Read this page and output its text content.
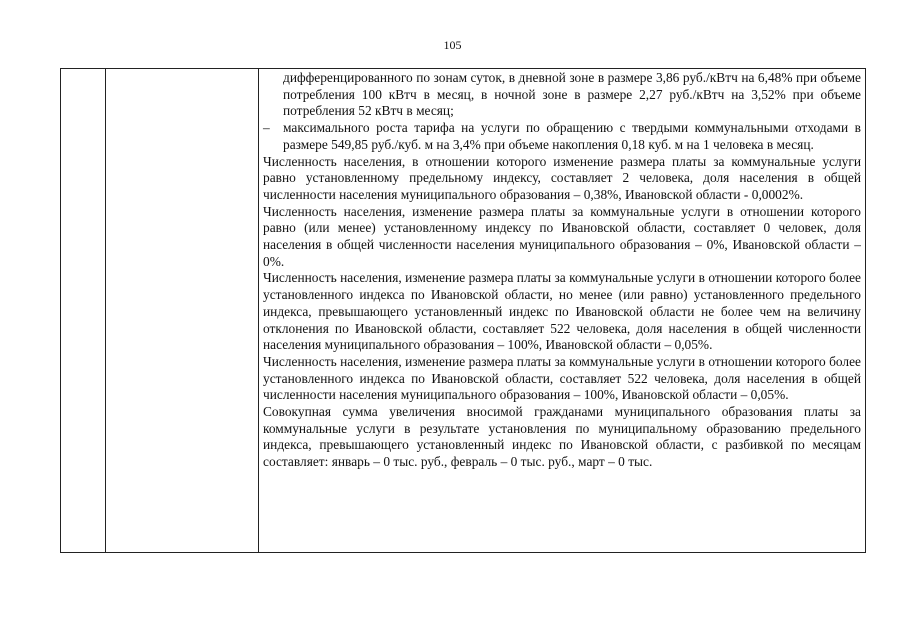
105

дифференцированного по зонам суток, в дневной зоне в размере 3,86 руб./кВтч на 6,48% при объеме потребления 100 кВтч в месяц, в ночной зоне в размере 2,27 руб./кВтч на 3,52% при объеме потребления 52 кВтч в месяц;

– максимального роста тарифа на услуги по обращению с твердыми коммунальными отходами в размере 549,85 руб./куб. м на 3,4% при объеме накопления 0,18 куб. м на 1 человека в месяц.

Численность населения, в отношении которого изменение размера платы за коммунальные услуги равно установленному предельному индексу, составляет 2 человека, доля населения в общей численности населения муниципального образования – 0,38%, Ивановской области - 0,0002%.

Численность населения, изменение размера платы за коммунальные услуги в отношении которого равно (или менее) установленному индексу по Ивановской области, составляет 0 человек, доля населения в общей численности населения муниципального образования – 0%, Ивановской области – 0%.

Численность населения, изменение размера платы за коммунальные услуги в отношении которого более установленного индекса по Ивановской области, но менее (или равно) установленного предельного индекса, превышающего установленный индекс по Ивановской области не более чем на величину отклонения по Ивановской области, составляет 522 человека, доля населения в общей численности населения муниципального образования – 100%, Ивановской области – 0,05%.

Численность населения, изменение размера платы за коммунальные услуги в отношении которого более установленного индекса по Ивановской области, составляет 522 человека, доля населения в общей численности населения муниципального образования – 100%, Ивановской области – 0,05%.

Совокупная сумма увеличения вносимой гражданами муниципального образования платы за коммунальные услуги в результате установления по муниципальному образованию предельного индекса, превышающего установленный индекс по Ивановской области, с разбивкой по месяцам составляет: январь – 0 тыс. руб., февраль – 0 тыс. руб., март – 0 тыс.
